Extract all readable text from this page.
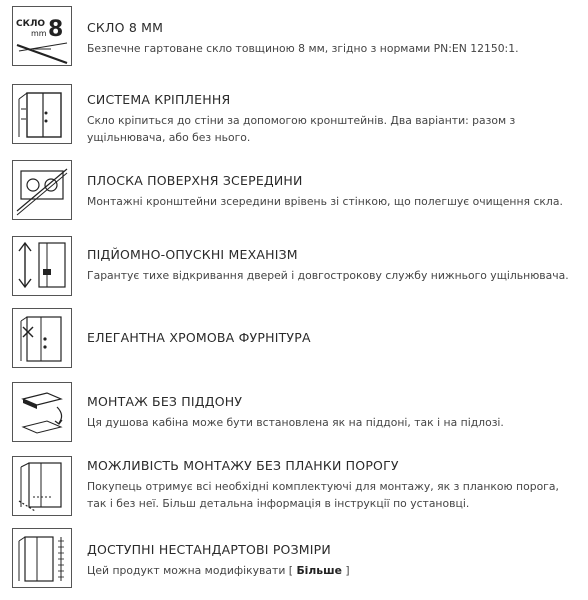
СКЛО
mm 8 СКЛО 8 ММ
Безпечне гартоване скло товщиною 8 мм, згідно з нормами PN:EN 12150:1.
СИСТЕМА КРІПЛЕННЯ
Скло кріпиться до стіни за допомогою кронштейнів. Два варіанти: разом з ущільнювача, або без нього.
ПЛОСКА ПОВЕРХНЯ ЗСЕРЕДИНИ
Монтажні кронштейни зсередини врівень зі стінкою, що полегшує очищення скла.
ПІДЙОМНО-ОПУСКНІ МЕХАНІЗМ
Гарантує тихе відкривання дверей і довгострокову службу нижнього ущільнювача.
ЕЛЕГАНТНА ХРОМОВА ФУРНІТУРА
МОНТАЖ БЕЗ ПІДДОНУ
Ця душова кабіна може бути встановлена як на піддоні, так і на підлозі.
МОЖЛИВІСТЬ МОНТАЖУ БЕЗ ПЛАНКИ ПОРОГУ
Покупець отримує всі необхідні комплектуючі для монтажу, як з планкою порога, так і без неї. Більш детальна інформація в інструкції по установці.
ДОСТУПНІ НЕСТАНДАРТОВІ РОЗМІРИ
Цей продукт можна модифікувати [ Більше ]
